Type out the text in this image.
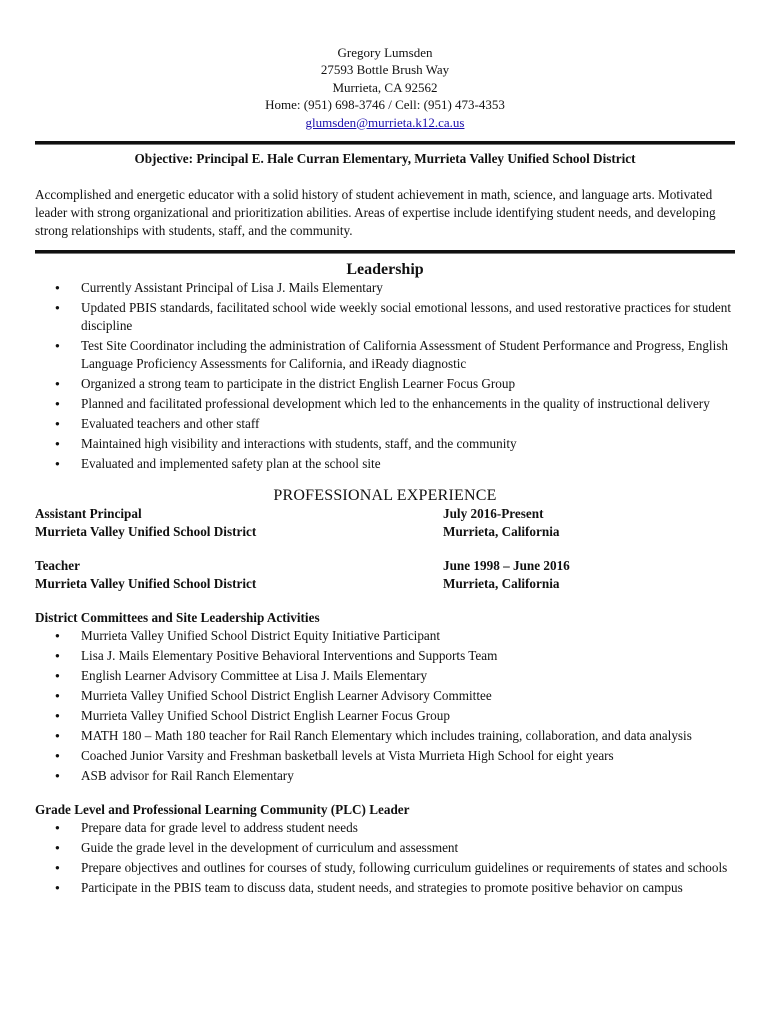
Gregory Lumsden
27593 Bottle Brush Way
Murrieta, CA 92562
Home: (951) 698-3746 / Cell: (951) 473-4353
glumsden@murrieta.k12.ca.us
Objective: Principal E. Hale Curran Elementary, Murrieta Valley Unified School District
Accomplished and energetic educator with a solid history of student achievement in math, science, and language arts. Motivated leader with strong organizational and prioritization abilities. Areas of expertise include identifying student needs, and developing strong relationships with students, staff, and the community.
Leadership
● Currently Assistant Principal of Lisa J. Mails Elementary
● Updated PBIS standards, facilitated school wide weekly social emotional lessons, and used restorative practices for student discipline
● Test Site Coordinator including the administration of California Assessment of Student Performance and Progress, English Language Proficiency Assessments for California, and iReady diagnostic
● Organized a strong team to participate in the district English Learner Focus Group
● Planned and facilitated professional development which led to the enhancements in the quality of instructional delivery
● Evaluated teachers and other staff
● Maintained high visibility and interactions with students, staff, and the community
● Evaluated and implemented safety plan at the school site
PROFESSIONAL EXPERIENCE
Assistant Principal	July 2016-Present
Murrieta Valley Unified School District	Murrieta, California
Teacher	June 1998 – June 2016
Murrieta Valley Unified School District	Murrieta, California
District Committees and Site Leadership Activities
● Murrieta Valley Unified School District Equity Initiative Participant
● Lisa J. Mails Elementary Positive Behavioral Interventions and Supports Team
● English Learner Advisory Committee at Lisa J. Mails Elementary
● Murrieta Valley Unified School District English Learner Advisory Committee
● Murrieta Valley Unified School District English Learner Focus Group
● MATH 180 – Math 180 teacher for Rail Ranch Elementary which includes training, collaboration, and data analysis
● Coached Junior Varsity and Freshman basketball levels at Vista Murrieta High School for eight years
● ASB advisor for Rail Ranch Elementary
Grade Level and Professional Learning Community (PLC) Leader
● Prepare data for grade level to address student needs
● Guide the grade level in the development of curriculum and assessment
● Prepare objectives and outlines for courses of study, following curriculum guidelines or requirements of states and schools
● Participate in the PBIS team to discuss data, student needs, and strategies to promote positive behavior on campus
